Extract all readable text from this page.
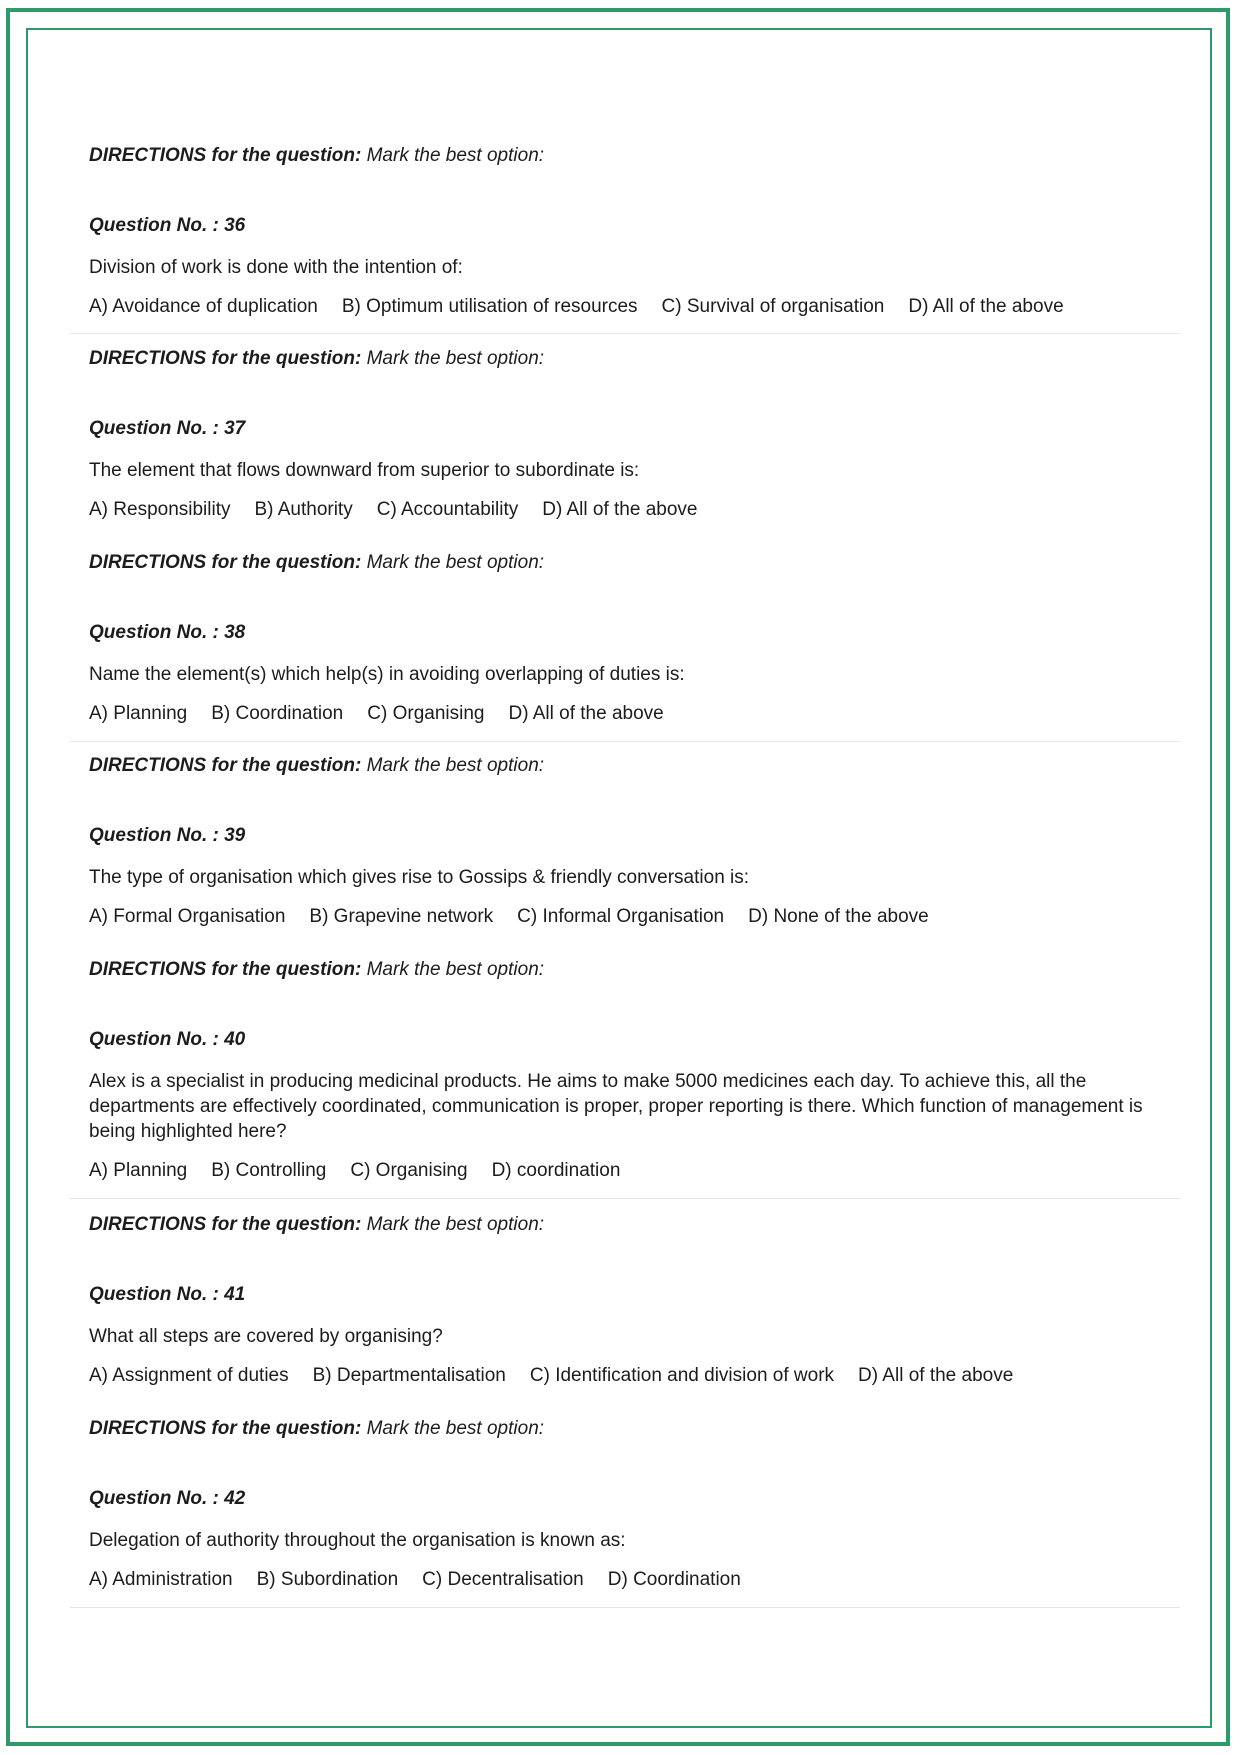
DIRECTIONS for the question: Mark the best option:
Question No. : 36
Division of work is done with the intention of:
A) Avoidance of duplication B) Optimum utilisation of resources C) Survival of organisation D) All of the above
DIRECTIONS for the question: Mark the best option:
Question No. : 37
The element that flows downward from superior to subordinate is:
A) Responsibility B) Authority C) Accountability D) All of the above
DIRECTIONS for the question: Mark the best option:
Question No. : 38
Name the element(s) which help(s) in avoiding overlapping of duties is:
A) Planning B) Coordination C) Organising D) All of the above
DIRECTIONS for the question: Mark the best option:
Question No. : 39
The type of organisation which gives rise to Gossips & friendly conversation is:
A) Formal Organisation B) Grapevine network C) Informal Organisation D) None of the above
DIRECTIONS for the question: Mark the best option:
Question No. : 40
Alex is a specialist in producing medicinal products. He aims to make 5000 medicines each day. To achieve this, all the departments are effectively coordinated, communication is proper, proper reporting is there. Which function of management is being highlighted here?
A) Planning B) Controlling C) Organising D) coordination
DIRECTIONS for the question: Mark the best option:
Question No. : 41
What all steps are covered by organising?
A) Assignment of duties B) Departmentalisation C) Identification and division of work D) All of the above
DIRECTIONS for the question: Mark the best option:
Question No. : 42
Delegation of authority throughout the organisation is known as:
A) Administration B) Subordination C) Decentralisation D) Coordination
